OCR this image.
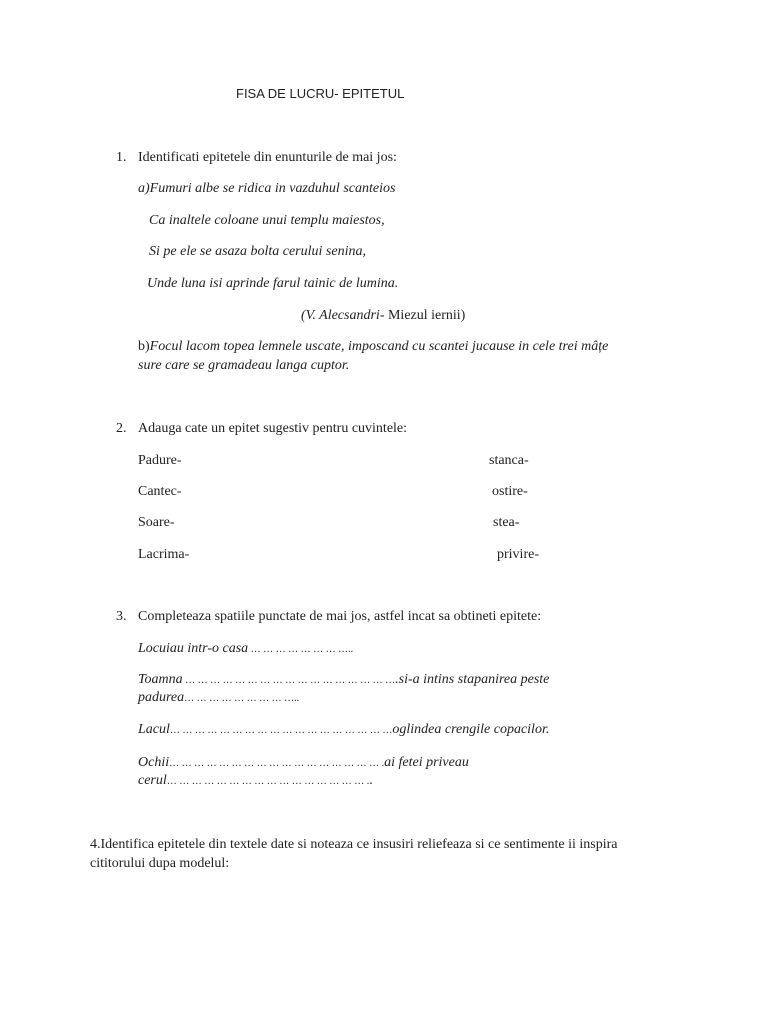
FISA DE LUCRU- EPITETUL
1. Identificati epitetele din enunturile de mai jos:
a)Fumuri albe se ridica in vazduhul scanteios
Ca inaltele coloane unui templu maiestos,
Si pe ele se asaza bolta cerului senina,
Unde luna isi aprinde farul tainic de lumina.
(V. Alecsandri- Miezul iernii)
b)Focul lacom topea lemnele uscate, imposcand cu scantei jucause in cele trei mâțe
sure care se gramadeau langa cuptor.
2. Adauga cate un epitet sugestiv pentru cuvintele:
Padure-
Cantec-
Soare-
Lacrima-
stanca-
ostire-
stea-
privire-
3. Completeaza spatiile punctate de mai jos, astfel incat sa obtineti epitete:
Locuiau intr-o casa … … … … … … … …..
Toamna … … … … … … … … … … … … … … … … ….si-a intins stapanirea peste
padurea… … … … … … … … …..
Lacul… … … … … … … … … … … … … … … … … …oglindea crengile copacilor.
Ochii… … … … … … … … … … … … … … … … … .ai fetei priveau
cerul… … … … … … … … … … … … … … … … ..
4.Identifica epitetele din textele date si noteaza ce insusiri reliefeaza si ce sentimente ii inspira
cititorului dupa modelul:
